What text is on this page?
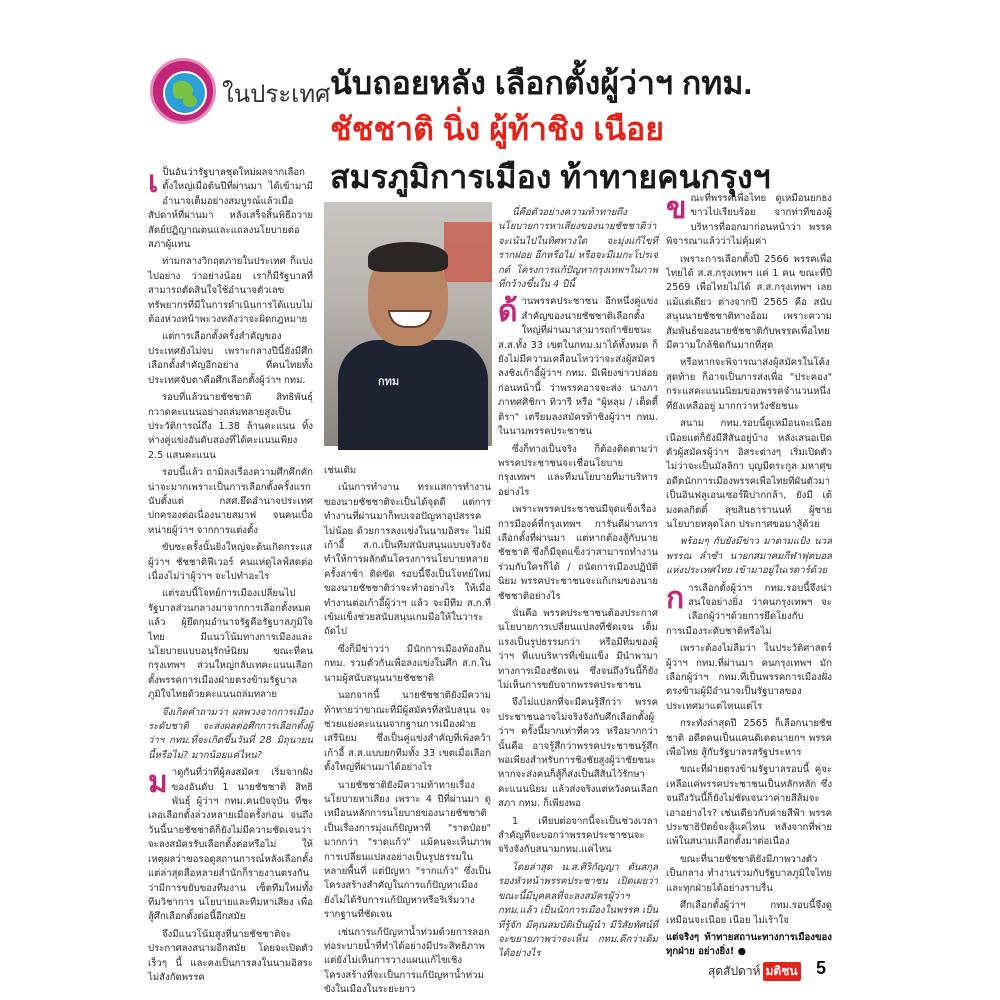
ในประเทศ นับถอยหลัง เลือกตั้งผู้ว่าฯ กทม.
ชัชชาติ นิ่ง ผู้ท้าชิง เนือย
สมรภูมิการเมือง ท้าทายคนกรุงฯ
กทม

เป็นอันว่ารัฐบาลชุดใหม่ผลจากเลือกตั้งใหญ่เมื่อต้นปีที่ผ่านมา ได้เข้ามามีอำนาจเต็มอย่างสมบูรณ์แล้วเมื่อสัปดาห์ที่ผ่านมา หลังเสร็จสิ้นพิธีถวายสัตย์ปฏิญาณตนและแถลงนโยบายต่อสภาผู้แทน

ท่ามกลางวิกฤตภายในประเทศ ก็แบ่งไปอย่าง ว่าอย่างน้อย เราก็มีรัฐบาลที่สามารถตัดสินใจใช้อำนาจตัวเลขทรัพยากรที่มีในการดำเนินการได้แบบไม่ต้องห่วงหน้าพะวงหลังว่าจะผิดกฎหมาย

แต่การเลือกตั้งครั้งสำคัญของประเทศยังไม่จบ เพราะกลางปีนี้ยังมีศึกเลือกตั้งสำคัญอีกอย่าง ที่คนไทยทั้งประเทศจับตาคือศึกเลือกตั้งผู้ว่าฯ กทม.

รอบที่แล้วนายชัชชาติ สิทธิพันธุ์ กวาดคะแนนอย่างถล่มทลายสูงเป็นประวัติการณ์ถึง 1.38 ล้านคะแนน ทิ้งห่างคู่แข่งอันดับสองที่ได้คะแนนเพียง 2.5 แสนคะแนน

รอบนี้แล้ว ถามิลงเรื่องความศึกคึกคักน่าจะมากเพราะเป็นการเลือกตั้งครั้งแรกนับตั้งแต่ กสศ.ยึดอำนาจประเทศ ปกครองต่อเนื่องนายสมาฟ จนคนเบื่อหน่ายผู้ว่าฯ จากการแต่งตั้ง

ขับซะครั้งนั้นยิ่งใหญ่จะต้นเกิดกระแสผู้ว่าฯ ชัชชาติฟีเวอร์ คนแห่ดูไลฟ์สดต่อเนื่องไม่ว่าผู้ว่าฯ จะไปทำอะไร

แต่รอบนี้โจทย์การเมืองเปลี่ยนไป รัฐบาลส่วนกลางมาจากการเลือกตั้งหมดแล้ว ผู้ยึดกุมอำนาจรัฐคือรัฐบาลภูมิใจไทย มีแนวโน้มทางการเมืองและนโยบายแบบอนุรักษ์นิยม ขณะที่คนกรุงเทพฯ ส่วนใหญ่กลับเทคะแนนเลือกตั้งพรรคการเมืองฝ่ายตรงข้ามรัฐบาลภูมิใจไทยด้วยคะแนนถล่มทลาย

จึงเกิดคำถามว่า ผลพวงจากการเมืองระดับชาติ จะส่งผลต่อศึกการเลือกตั้งผู้ว่าฯ กทม.ที่จะเกิดขึ้นวันที่ 28 มิถุนายนนี้หรือไม่? มากน้อยแค่ไหน?

มาดูกันที่ว่าที่ผู้ลงสมัคร เริ่มจากฝั่งของอันดับ 1 นายชัชชาติ สิทธิพันธุ์ ผู้ว่าฯ กทม.คนปัจจุบัน ที่ชะเลอเลือกตั้งล่วงหลายเมื่อครั้งก่อน จนถึงวันนี้นายชัชชาติก็ยังไม่มีความชัดเจนว่าจะลงสมัครรับเลือกตั้งต่อหรือไม่ ให้เหตุผลว่าขอรอดูสถานการณ์หลังเลือกตั้ง แต่ล่าสุดสื่อหลายสำนักก็รายงานตรงกันว่ามีการขยับของทีมงาน เซ็ตทีมใหม่ทั้งทีมวิชาการ นโยบายและทีมหาเสียง เพื่อสู้ศึกเลือกตั้งต่อนี้อีกสมัย

จึงมีแนวโน้มสูงที่นายชัชชาติจะประกาศลงสนามอีกสมัย โดยจะเปิดตัวเร็วๆ นี้ และคงเป็นการลงในนามอิสระ ไม่สังกัดพรรค

เช่นเดิม

เน้นการทำงาน ทระแสการทำงานของนายชัชชาติจะเป็นได้จุดดี แต่การทำงานที่ผ่านมาก็พบเจอปัญหาอุปสรรคไม่น้อย ด้วยการลงแข่งในนามอิสระ ไม่มีเก้าอี้ ส.ก.เป็นทีมสนับสนุนแบบจริงจัง ทำให้การผลักดันโครงการนโยบายหลายครั้งล่าช้า ติดขัด รอบนี้จึงเป็นโจทย์ใหม่ของนายชัชชาติว่าจะทำอย่างไร ให้เมื่อทำงานต่อเก้าอี้ผู้ว่าฯ แล้ว จะมีทีม ส.ก.ที่เข้มแข็งช่วยสนับสนุนเกมมือให้ในวาระถัดไป

ซึ่งก็มีข่าวว่า มีนักการเมืองท้องถิ่น กทม. รวมตัวกันเพื่อลงแข่งในศึก ส.ก.ในนามผู้สนับสนุนนายชัชชาติ

นอกจากนี้ นายชัชชาติยังมีความท้าทายว่าขาณะที่มีผู้สมัครที่สนับสนุน จะช่วยแย่งคะแนนจากฐานการเมืองฝ่ายเสรีนิยม ซึ่งเป็นคู่แข่งสำคัญที่เพิ่งคว้าเก้าอี้ ส.ส.แบบยกทีมทั้ง 33 เขตเมื่อเลือกตั้งใหญ่ที่ผ่านมาได้อย่างไร

นายชัชชาติยังมีความท้าทายเรื่องนโยบายหาเสียง เพราะ 4 ปีที่ผ่านมา ดูเหมือนหลักการนโยบายของนายชัชชาติเป็นเรื่องการมุ่งแก้ปัญหาที่ "ราดป๋อย" มากกว่า "ราดแก้ว" แม้คนจะเห็นภาพการเปลี่ยนแปลงอย่างเป็นรูปธรรมในหลายพื้นที่ แต่ปัญหา "รากแก้ว" ซึ่งเป็นโครงสร้างสำคัญในการแก้ปัญหาเมือง ยังไม่ได้รับการแก้ปัญหาหรือริเริ่มวางรากฐานที่ชัดเจน

เช่นการแก้ปัญหาน้ำท่วมด้วยการลอกท่อระบายน้ำที่ทำได้อย่างมีประสิทธิภาพ แต่ยังไม่เห็นการวางแผนแก้ไขเชิงโครงสร้างที่จะเป็นการแก้ปัญหาน้ำท่วมขังในเมืองในระยะยาว

นี่คือตัวอย่างความท้าทายถึงนโยบายการหาเสียงของนายชัชชาติว่าจะเน้นไปในทิศทางใด จะมุ่งแก้ไขที่รากฝอย อีกหรือไม่ หรือจะมีเมกะโปรเจกต์ โครงการแก้ปัญหากรุงเทพฯในภาพที่กว้างขึ้นใน 4 ปีนี้

ด้านพรรคประชาชน อีกหนึ่งคู่แข่งสำคัญของนายชัชชาติเลือกตั้งใหญ่ที่ผ่านมาสามารถกำชัยชนะ ส.ส.ทั้ง 33 เขตในกทม.มาได้ทั้งหมด ก็ยังไม่มีความเคลื่อนไหวว่าจะส่งผู้สมัครลงชิงเก้าอี้ผู้ว่าฯ กทม. มีเพียงข่าวปล่อยก่อนหน้านี้ ว่าพรรคอาจจะส่ง นางภาภาทศศิชิกา ทิวารี หรือ "ผู้หลุม / เต็ดตี้ติรา" เตรียมลงสมัครท้าชิงผู้ว่าฯ กทม. ในนามพรรคประชาชน

ซึ่งก็ทางเป็นจริง ก็ต้องติดตามว่าพรรคประชาชนจะเชื่อนโยบายกรุงเทพฯ และทีมนโยบายที่มาบริหารอย่างไร

เพราะพรรคประชาชนมีจุดแข็งเรื่องการมีองค์ที่กรุงเทพฯ การันตีผ่านการเลือกตั้งที่ผ่านมา แต่หากต้องสู้กับนายชัชชาติ ซึ่งก็มีจุดแข็งว่าสามารถทำงานร่วมกับใครก็ได้ / ถนัดการเมืองปฏิบัตินิยม พรรคประชาชนจะแก้เกมของนายชัชชาติอย่างไร

นั่นคือ พรรคประชาชนต้องประกาศนโยบายการเปลี่ยนแปลงที่ชัดเจน เต็มแรงเป็นรูปธรรมกว่า หรือมีทีมของผู้ว่าฯ ที่แบบริหารที่เข้มแข็ง มีนำพามาทางการเมืองชัดเจน ซึ่งจนถึงวันนี้ก็ยังไม่เห็นการขยับจากพรรคประชาชน

จึงไม่แปลกที่จะมีคนรู้สึกว่า พรรคประชาชนอาจไม่จริงจังกับศึกเลือกตั้งผู้ว่าฯ ครั้งนี้มากเท่าที่ควร หรือมากกว่านั้นคือ อาจรู้สึกว่าพรรคประชาชนรู้สึกพอเพียงสำหรับการชิงชัยสูงผู้ว่าชัยชนะ หากจะส่งคนก็สู้ก็ส่งเป็นสีสันไว้รักษาคะแนนนิยม แล้วส่งจริงแต่หวังคนเลือก สภา กทม. ก็เพียงพอ

1 เทียบต่อจากนี้จะเป็นช่วงเวลาสำคัญที่จะบอกว่าพรรคประชาชนจะจริงจังกับสนามกทม.แค่ไหน

โดยล่าสุด น.ส.ศิริกัญญา ตันสกุล รองหัวหน้าพรรคประชาชน เปิดเผยว่า ขณะนี้มีบุคคลที่จะลงสมัครผู้ว่าฯ กทม.แล้ว เป็นนักการเมืองในพรรค เป็นที่รู้จัก มีคุณสมบัติเป็นผู้นำ มีวิสัยทัศน์ที่จะขยายภาพว่าจะเห็น กทม.ดีกว่าเดิมได้อย่างไร

ขณะที่พรรคเพื่อไทย ดูเหมือนยกธงขาวไปเรียบร้อย จากท่าทีของผู้บริหารที่ออกมาก่อนหน้าว่า พรรคพิจารณาแล้วว่าไม่คุ้มค่า

เพราะการเลือกตั้งปี 2566 พรรคเพื่อไทยได้ ส.ส.กรุงเทพฯ แค่ 1 คน ขณะที่ปี 2569 เพื่อไทยไม่ได้ ส.ส.กรุงเทพฯ เลยแม้แต่เดียว ต่างจากปี 2565 คือ สนับสนุนนายชัชชาติทางอ้อม เพราะความสัมพันธ์ของนายชัชชาติกับพรรคเพื่อไทยมีความใกล้ชิดกันมากที่สุด

หรือหากจะพิจารณาส่งผู้สมัครในโค้งสุดท้าย ก็อาจเป็นการส่งเพื่อ "ประคอง" กระแสคะแนนนิยมของพรรคจำนวนหนึ่งที่ยังเหลืออยู่ มากกว่าหวังชัยชนะ

สนาม กทม.รอบนี้ดูเหมือนจะเนือย เนือยแต่ก็ยังมีสีสันอยู่บ้าง หลังเสนอเปิดตัวผู้สมัครผู้ว่าฯ อิสระต่างๆ เริ่มเปิดตัว ไม่ว่าจะเป็นมัลลิกา บุญมีตระกูล มหาศุข อดีตนักการเมืองพรรคเพื่อไทยที่ผันตัวมาเป็นอินฟลูเอนเซอร์ฝีปากกล้า, ยังมี เต้ มงคลกิตติ์ สุขสินธารานนท์ ผู้ชายนโยบายหลุดโลก ประกาศขอมาสู้ด้วย

พร้อมๆ กับยังมีข่าว มาดามแป้ง นวลพรรณ ล่ำซำ นายกสมาคมกีฬาฟุตบอลแห่งประเทศไทย เข้ามาอยู่ในเรดาร์ด้วย

การเลือกตั้งผู้ว่าฯ กทม.รอบนี้จึงน่าสนใจอย่างยิ่ง ว่าคนกรุงเทพฯ จะเลือกผู้ว่าฯด้วยการยึดโยงกับการเมืองระดับชาติหรือไม่

เพราะต้องไม่ลืมว่า ในประวัติศาสตร์ผู้ว่าฯ กทม.ที่ผ่านมา คนกรุงเทพฯ มักเลือกผู้ว่าฯ กทม.ที่เป็นพรรคการเมืองฝั่งตรงข้ามผู้มีอำนาจเป็นรัฐบาลของประเทศมาแต่ไหนแต่ไร

กระทั่งล่าสุดปี 2565 ก็เลือกนายชัชชาติ อดีตคนเป็นแคนดิเดตนายกฯ พรรคเพื่อไทย สู้กับรัฐบาลรสรัฐประหาร

ขณะที่ฝ่ายตรงข้ามรัฐบาลรอบนี้ คู่จะเหลือแค่พรรคประชาชนเป็นหลักหลัก ซึ่งจนถึงวันนี้ก็ยังไม่ชัดเจนว่าค่ายสีส้มจะเอาอย่างไร? เช่นเดียวกับค่ายสีฟ้า พรรคประชาธิปัตย์จะสู้แค่ไหน หลังจากที่พ่ายแพ้ในสนามเลือกตั้งมาต่อเนื่อง

ขณะที่นายชัชชาติยังมีภาพวางตัวเป็นกลาง ทำงานร่วมกับรัฐบาลภูมิใจไทยและทุกฝ่ายได้อย่างราบรื่น

ศึกเลือกตั้งผู้ว่าฯ กทม.รอบนี้จึงดูเหมือนจะเนือย เนือย ไม่เร้าใจ

แต่จริงๆ ท้าทายสถานะทางการเมืองของทุกฝ่าย อย่างยิ่ง! ●

สุดสัปดาห์ มติชน 5
